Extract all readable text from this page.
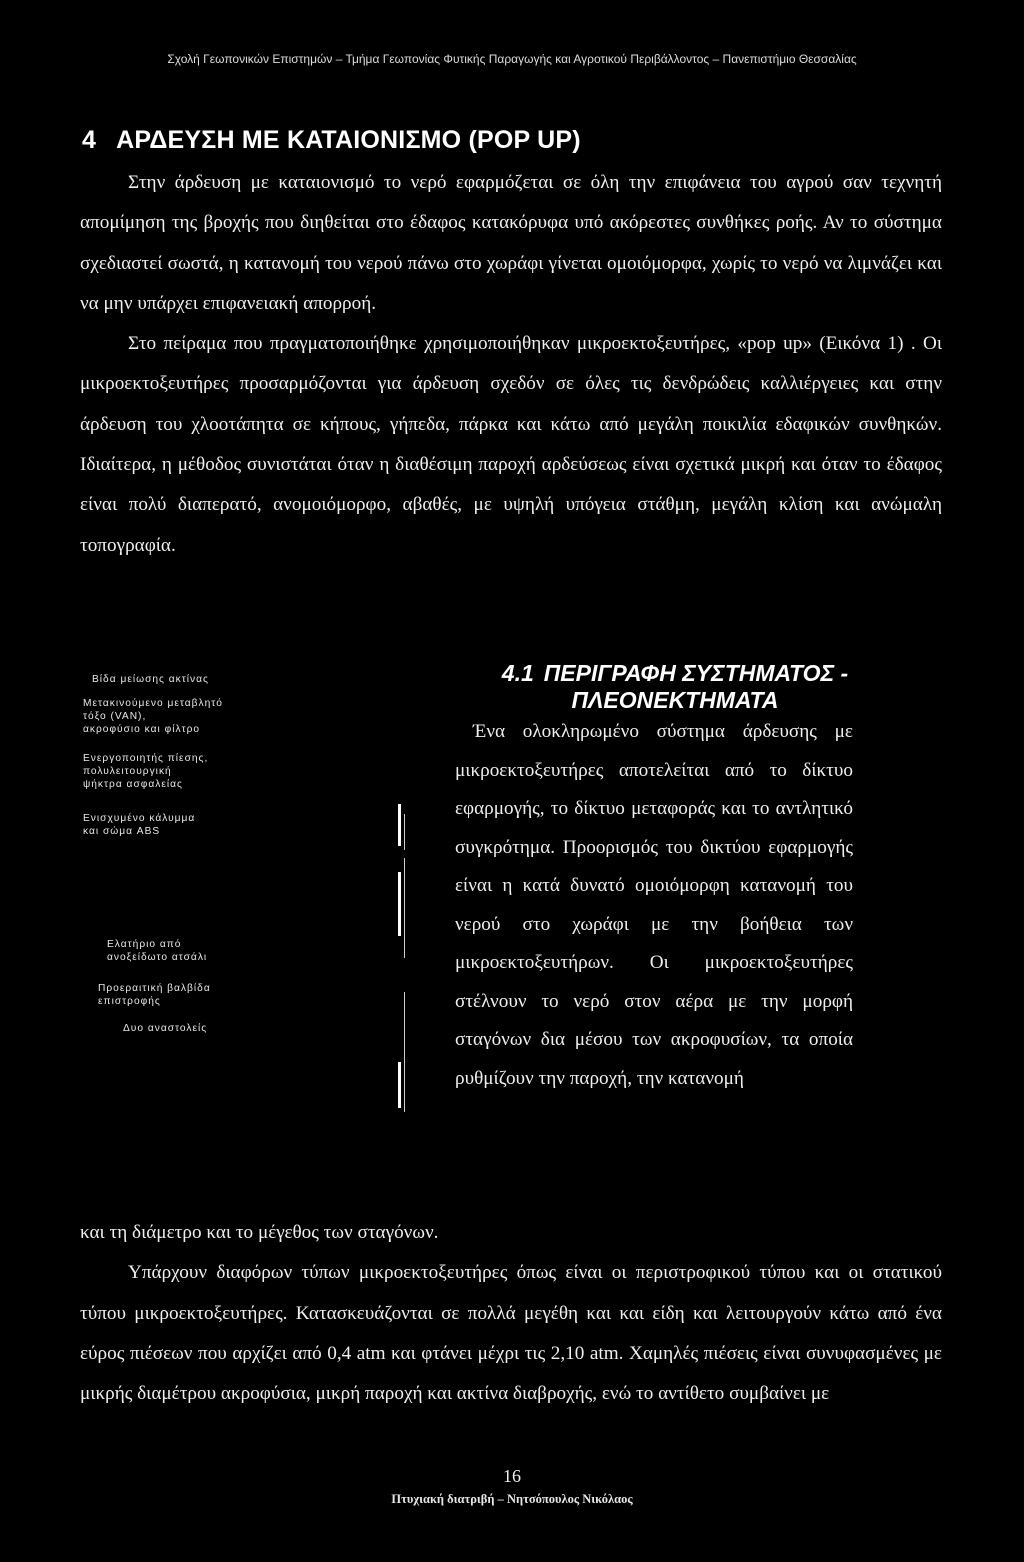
Σχολή Γεωπονικών Επιστημών – Τμήμα Γεωπονίας Φυτικής Παραγωγής και Αγροτικού Περιβάλλοντος – Πανεπιστήμιο Θεσσαλίας
4 ΑΡΔΕΥΣΗ ΜΕ ΚΑΤΑΙΟΝΙΣΜΟ (POP UP)

Στην άρδευση με καταιονισμό το νερό εφαρμόζεται σε όλη την επιφάνεια του αγρού σαν τεχνητή απομίμηση της βροχής που διηθείται στο έδαφος κατακόρυφα υπό ακόρεστες συνθήκες ροής. Αν το σύστημα σχεδιαστεί σωστά, η κατανομή του νερού πάνω στο χωράφι γίνεται ομοιόμορφα, χωρίς το νερό να λιμνάζει και να μην υπάρχει επιφανειακή απορροή.

Στο πείραμα που πραγματοποιήθηκε χρησιμοποιήθηκαν μικροεκτοξευτήρες, «pop up» (Εικόνα 1) . Οι μικροεκτοξευτήρες προσαρμόζονται για άρδευση σχεδόν σε όλες τις δενδρώδεις καλλιέργειες και στην άρδευση του χλοοτάπητα σε κήπους, γήπεδα, πάρκα και κάτω από μεγάλη ποικιλία εδαφικών συνθηκών. Ιδιαίτερα, η μέθοδος συνιστάται όταν η διαθέσιμη παροχή αρδεύσεως είναι σχετικά μικρή και όταν το έδαφος είναι πολύ διαπερατό, ανομοιόμορφο, αβαθές, με υψηλή υπόγεια στάθμη, μεγάλη κλίση και ανώμαλη τοπογραφία.

Βίδα μείωσης ακτίνας
Μετακινούμενο μεταβλητό
τόξο (VAN),
ακροφύσιο και φίλτρο
Ενεργοποιητής πίεσης,
πολυλειτουργική
ψήκτρα ασφαλείας
Ενισχυμένο κάλυμμα
και σώμα ABS
Ελατήριο από
ανοξείδωτο ατσάλι
Προεραιτική βαλβίδα
επιστροφής
Δυο αναστολείς
4.1 ΠΕΡΙΓΡΑΦΗ ΣΥΣΤΗΜΑΤΟΣ - ΠΛΕΟΝΕΚΤΗΜΑΤΑ

Ένα ολοκληρωμένο σύστημα άρδευσης με μικροεκτοξευτήρες αποτελείται από το δίκτυο εφαρμογής, το δίκτυο μεταφοράς και το αντλητικό συγκρότημα. Προορισμός του δικτύου εφαρμογής είναι η κατά δυνατό ομοιόμορφη κατανομή του νερού στο χωράφι με την βοήθεια των μικροεκτοξευτήρων. Οι μικροεκτοξευτήρες στέλνουν το νερό στον αέρα με την μορφή σταγόνων δια μέσου των ακροφυσίων, τα οποία ρυθμίζουν την παροχή, την κατανομή

και τη διάμετρο και το μέγεθος των σταγόνων.

Υπάρχουν διαφόρων τύπων μικροεκτοξευτήρες όπως είναι οι περιστροφικού τύπου και οι στατικού τύπου μικροεκτοξευτήρες. Κατασκευάζονται σε πολλά μεγέθη και και είδη και λειτουργούν κάτω από ένα εύρος πιέσεων που αρχίζει από 0,4 atm και φτάνει μέχρι τις 2,10 atm. Χαμηλές πιέσεις είναι συνυφασμένες με μικρής διαμέτρου ακροφύσια, μικρή παροχή και ακτίνα διαβροχής, ενώ το αντίθετο συμβαίνει με

16
Πτυχιακή διατριβή – Νητσόπουλος Νικόλαος
